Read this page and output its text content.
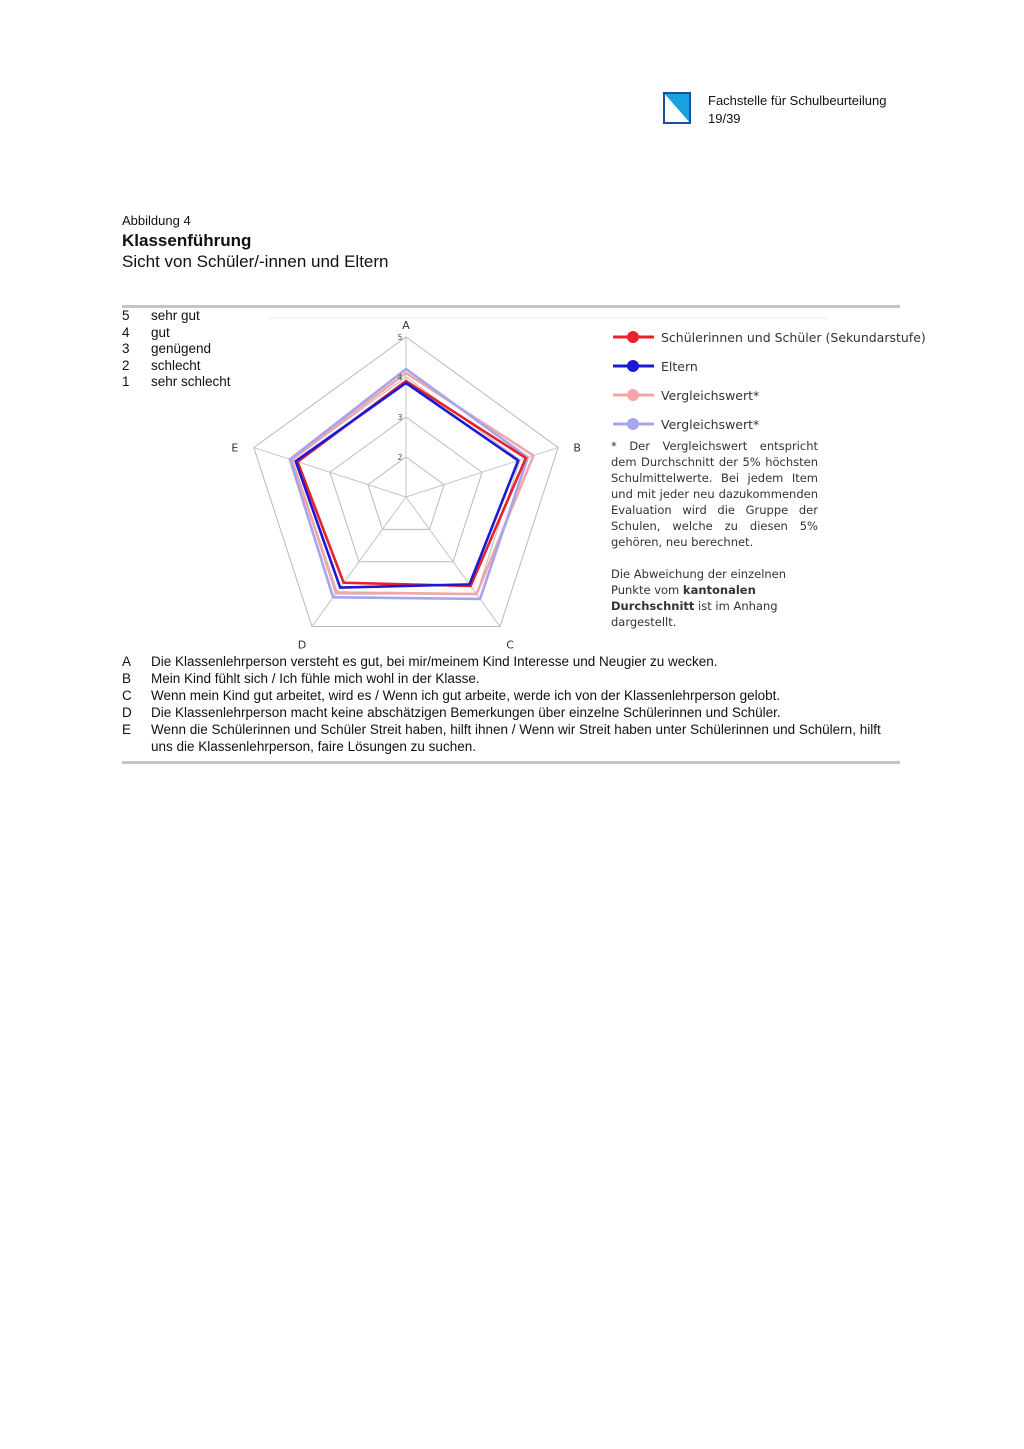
Fachstelle für Schulbeurteilung
19/39
Abbildung 4
Klassenführung
Sicht von Schüler/-innen und Eltern
5	sehr gut
4	gut
3	genügend
2	schlecht
1	sehr schlecht
A
B
C
D
E
2
3
4
5	Schülerinnen und Schüler (Sekundarstufe)
Eltern
Vergleichswert*
Vergleichswert*
* Der Vergleichswert entspricht dem Durchschnitt der 5% höchsten Schulmittelwerte. Bei jedem Item und mit jeder neu dazukommenden Evaluation wird die Gruppe der Schulen, welche zu diesen 5% gehören, neu berechnet.
Die Abweichung der einzelnen Punkte vom kantonalen Durchschnitt ist im Anhang dargestellt.
A	Die Klassenlehrperson versteht es gut, bei mir/meinem Kind Interesse und Neugier zu wecken.
B	Mein Kind fühlt sich / Ich fühle mich wohl in der Klasse.
C	Wenn mein Kind gut arbeitet, wird es / Wenn ich gut arbeite, werde ich von der Klassenlehrperson gelobt.
D	Die Klassenlehrperson macht keine abschätzigen Bemerkungen über einzelne Schülerinnen und Schüler.
E	Wenn die Schülerinnen und Schüler Streit haben, hilft ihnen / Wenn wir Streit haben unter Schülerinnen und Schülern, hilft uns die Klassenlehrperson, faire Lösungen zu suchen.
